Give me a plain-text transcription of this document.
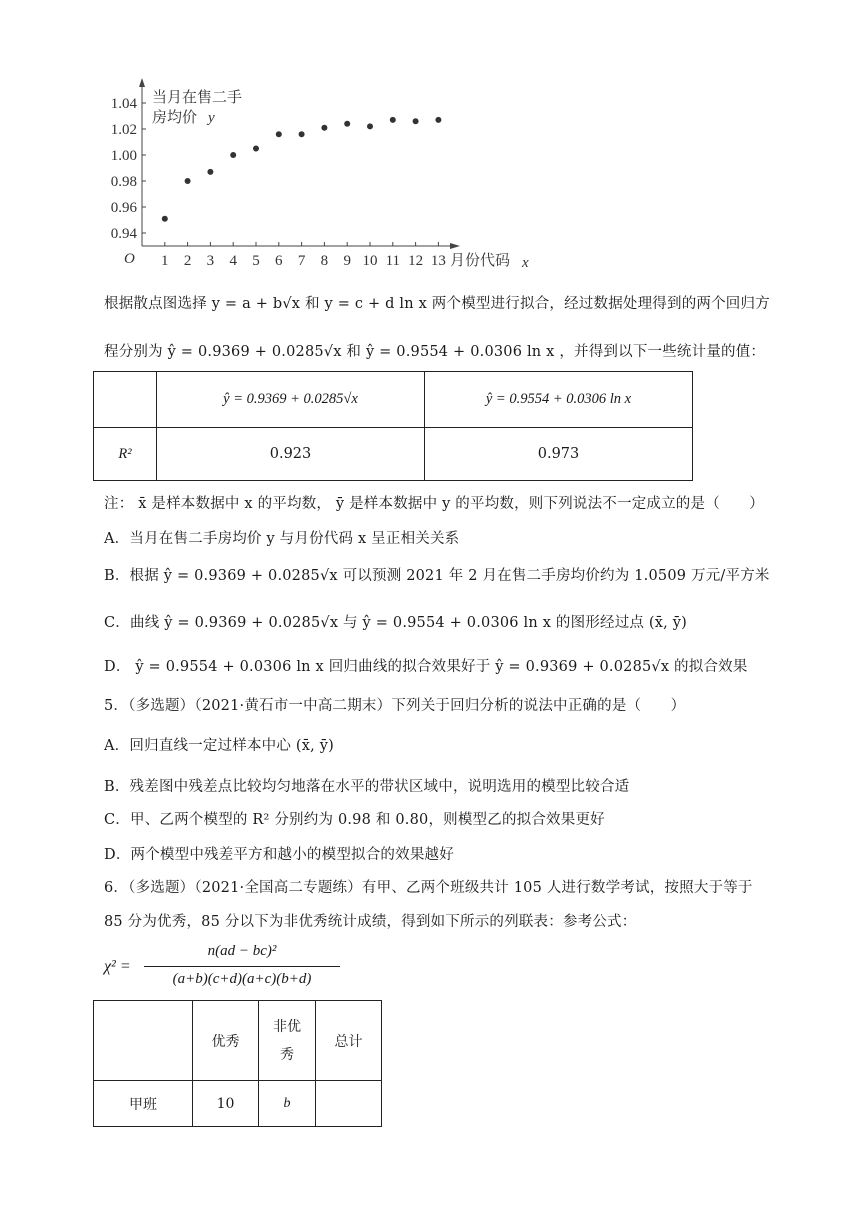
O
0.94
0.96
0.98
1.00
1.02
1.04
1 2 3 4 5 6 7 8 9 10 11 12 13
当月在售二手
房均价 y
月份代码 x
根据散点图选择 y = a + b√x 和 y = c + d ln x 两个模型进行拟合，经过数据处理得到的两个回归方
程分别为 ŷ = 0.9369 + 0.0285√x 和 ŷ = 0.9554 + 0.0306 ln x ，并得到以下一些统计量的值：
	ŷ = 0.9369 + 0.0285√x	ŷ = 0.9554 + 0.0306 ln x
R²	0.923	0.973
注： x̄ 是样本数据中 x 的平均数， ȳ 是样本数据中 y 的平均数，则下列说法不一定成立的是（　　）
A．当月在售二手房均价 y 与月份代码 x 呈正相关关系
B．根据 ŷ = 0.9369 + 0.0285√x 可以预测 2021 年 2 月在售二手房均价约为 1.0509 万元/平方米
C．曲线 ŷ = 0.9369 + 0.0285√x 与 ŷ = 0.9554 + 0.0306 ln x 的图形经过点 (x̄, ȳ)
D． ŷ = 0.9554 + 0.0306 ln x 回归曲线的拟合效果好于 ŷ = 0.9369 + 0.0285√x 的拟合效果
5．（多选题）（2021·黄石市一中高二期末）下列关于回归分析的说法中正确的是（　　）
A．回归直线一定过样本中心 (x̄, ȳ)
B．残差图中残差点比较均匀地落在水平的带状区域中，说明选用的模型比较合适
C．甲、乙两个模型的 R² 分别约为 0.98 和 0.80，则模型乙的拟合效果更好
D．两个模型中残差平方和越小的模型拟合的效果越好
6．（多选题）（2021·全国高二专题练）有甲、乙两个班级共计 105 人进行数学考试，按照大于等于
85 分为优秀，85 分以下为非优秀统计成绩，得到如下所示的列联表：参考公式：
χ² =
n(ad − bc)²
(a+b)(c+d)(a+c)(b+d)
	优秀	非优
秀	总计
甲班	10	b	
